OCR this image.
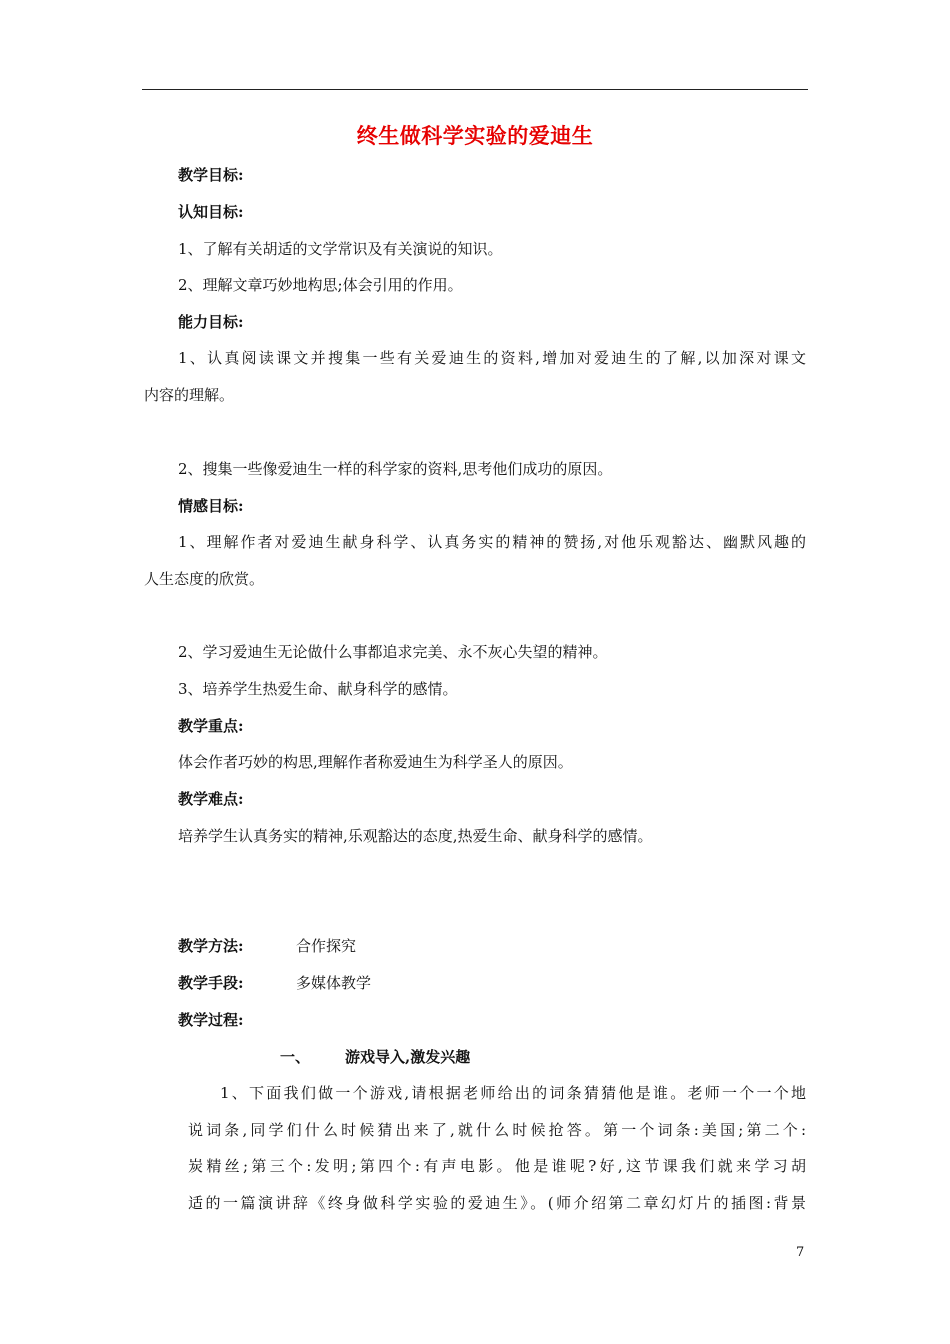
终生做科学实验的爱迪生
教学目标:
认知目标:
1、了解有关胡适的文学常识及有关演说的知识。
2、理解文章巧妙地构思;体会引用的作用。
能力目标:
1、认真阅读课文并搜集一些有关爱迪生的资料,增加对爱迪生的了解,以加深对课文
内容的理解。
2、搜集一些像爱迪生一样的科学家的资料,思考他们成功的原因。
情感目标:
1、理解作者对爱迪生献身科学、认真务实的精神的赞扬,对他乐观豁达、幽默风趣的
人生态度的欣赏。
2、学习爱迪生无论做什么事都追求完美、永不灰心失望的精神。
3、培养学生热爱生命、献身科学的感情。
教学重点:
体会作者巧妙的构思,理解作者称爱迪生为科学圣人的原因。
教学难点:
培养学生认真务实的精神,乐观豁达的态度,热爱生命、献身科学的感情。
教学方法:	合作探究
教学手段:	多媒体教学
教学过程:
一、 游戏导入,激发兴趣
1、下面我们做一个游戏,请根据老师给出的词条猜猜他是谁。老师一个一个地
说词条,同学们什么时候猜出来了,就什么时候抢答。第一个词条:美国;第二个:
炭精丝;第三个:发明;第四个:有声电影。他是谁呢?好,这节课我们就来学习胡
适的一篇演讲辞《终身做科学实验的爱迪生》。(师介绍第二章幻灯片的插图:背景
7
